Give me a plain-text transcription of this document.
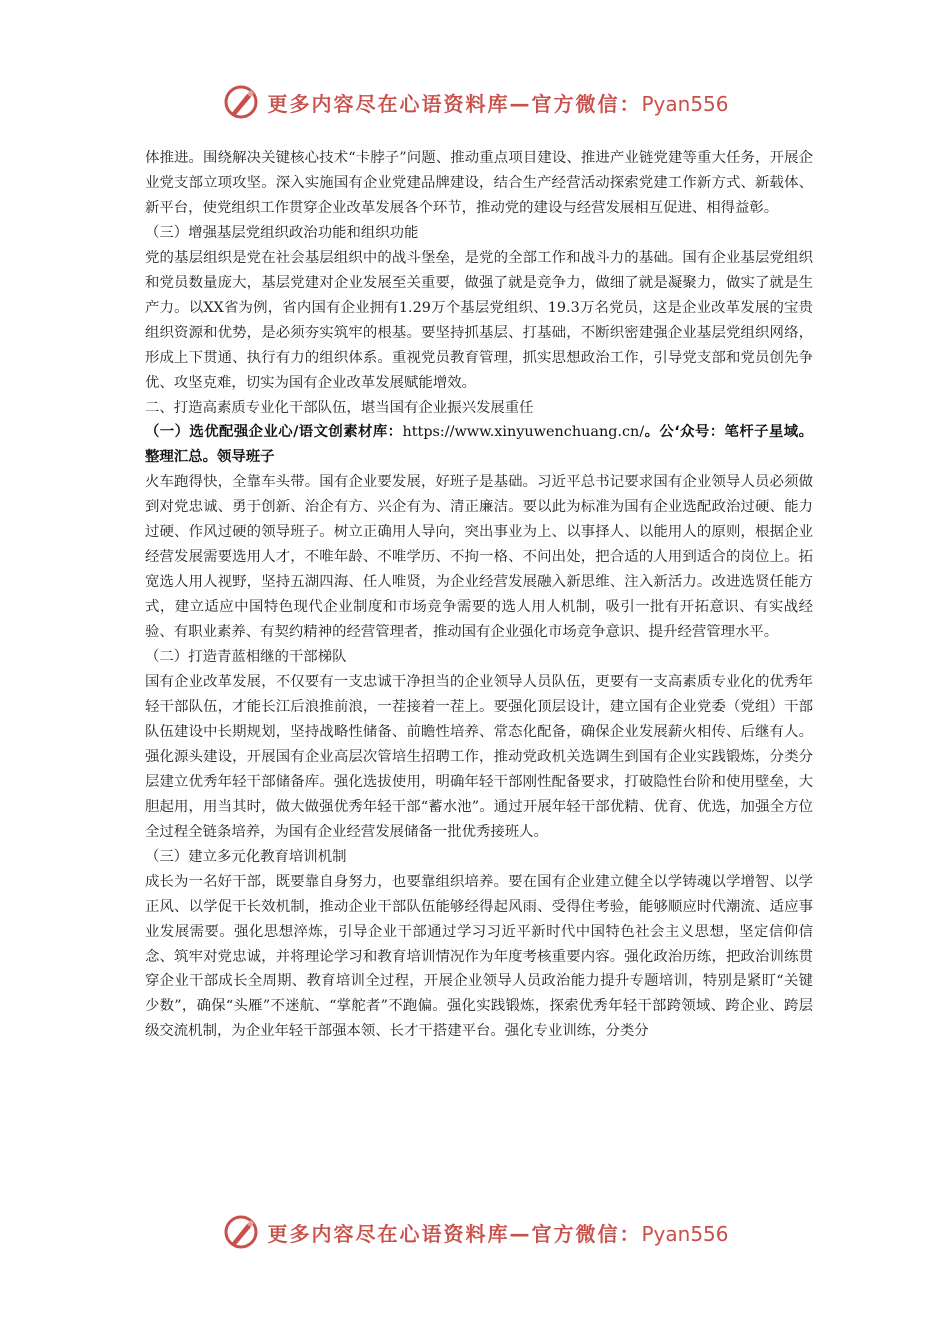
更多内容尽在心语资料库—官方微信：Pyan556

体推进。围绕解决关键核心技术“卡脖子”问题、推动重点项目建设、推进产业链党建等重大任务，开展企业党支部立项攻坚。深入实施国有企业党建品牌建设，结合生产经营活动探索党建工作新方式、新载体、新平台，使党组织工作贯穿企业改革发展各个环节，推动党的建设与经营发展相互促进、相得益彰。

（三）增强基层党组织政治功能和组织功能

党的基层组织是党在社会基层组织中的战斗堡垒，是党的全部工作和战斗力的基础。国有企业基层党组织和党员数量庞大，基层党建对企业发展至关重要，做强了就是竞争力，做细了就是凝聚力，做实了就是生产力。以XX省为例，省内国有企业拥有1.29万个基层党组织、19.3万名党员，这是企业改革发展的宝贵组织资源和优势，是必须夯实筑牢的根基。要坚持抓基层、打基础，不断织密建强企业基层党组织网络，形成上下贯通、执行有力的组织体系。重视党员教育管理，抓实思想政治工作，引导党支部和党员创先争优、攻坚克难，切实为国有企业改革发展赋能增效。

二、打造高素质专业化干部队伍，堪当国有企业振兴发展重任

（一）选优配强企业心/语文创素材库：https://www.xinyuwenchuang.cn/。公‘众号：笔杆子星域。整理汇总。领导班子

火车跑得快，全靠车头带。国有企业要发展，好班子是基础。习近平总书记要求国有企业领导人员必须做到对党忠诚、勇于创新、治企有方、兴企有为、清正廉洁。要以此为标准为国有企业选配政治过硬、能力过硬、作风过硬的领导班子。树立正确用人导向，突出事业为上、以事择人、以能用人的原则，根据企业经营发展需要选用人才，不唯年龄、不唯学历、不拘一格、不问出处，把合适的人用到适合的岗位上。拓宽选人用人视野，坚持五湖四海、任人唯贤，为企业经营发展融入新思维、注入新活力。改进选贤任能方式，建立适应中国特色现代企业制度和市场竞争需要的选人用人机制，吸引一批有开拓意识、有实战经验、有职业素养、有契约精神的经营管理者，推动国有企业强化市场竞争意识、提升经营管理水平。

（二）打造青蓝相继的干部梯队

国有企业改革发展，不仅要有一支忠诚干净担当的企业领导人员队伍，更要有一支高素质专业化的优秀年轻干部队伍，才能长江后浪推前浪，一茬接着一茬上。要强化顶层设计，建立国有企业党委（党组）干部队伍建设中长期规划，坚持战略性储备、前瞻性培养、常态化配备，确保企业发展薪火相传、后继有人。强化源头建设，开展国有企业高层次管培生招聘工作，推动党政机关选调生到国有企业实践锻炼，分类分层建立优秀年轻干部储备库。强化选拔使用，明确年轻干部刚性配备要求，打破隐性台阶和使用壁垒，大胆起用，用当其时，做大做强优秀年轻干部“蓄水池”。通过开展年轻干部优精、优育、优选，加强全方位全过程全链条培养，为国有企业经营发展储备一批优秀接班人。

（三）建立多元化教育培训机制

成长为一名好干部，既要靠自身努力，也要靠组织培养。要在国有企业建立健全以学铸魂以学增智、以学正风、以学促干长效机制，推动企业干部队伍能够经得起风雨、受得住考验，能够顺应时代潮流、适应事业发展需要。强化思想淬炼，引导企业干部通过学习习近平新时代中国特色社会主义思想，坚定信仰信念、筑牢对党忠诚，并将理论学习和教育培训情况作为年度考核重要内容。强化政治历练，把政治训练贯穿企业干部成长全周期、教育培训全过程，开展企业领导人员政治能力提升专题培训，特别是紧盯“关键少数”，确保“头雁”不迷航、“掌舵者”不跑偏。强化实践锻炼，探索优秀年轻干部跨领域、跨企业、跨层级交流机制，为企业年轻干部强本领、长才干搭建平台。强化专业训练，分类分

更多内容尽在心语资料库—官方微信：Pyan556
